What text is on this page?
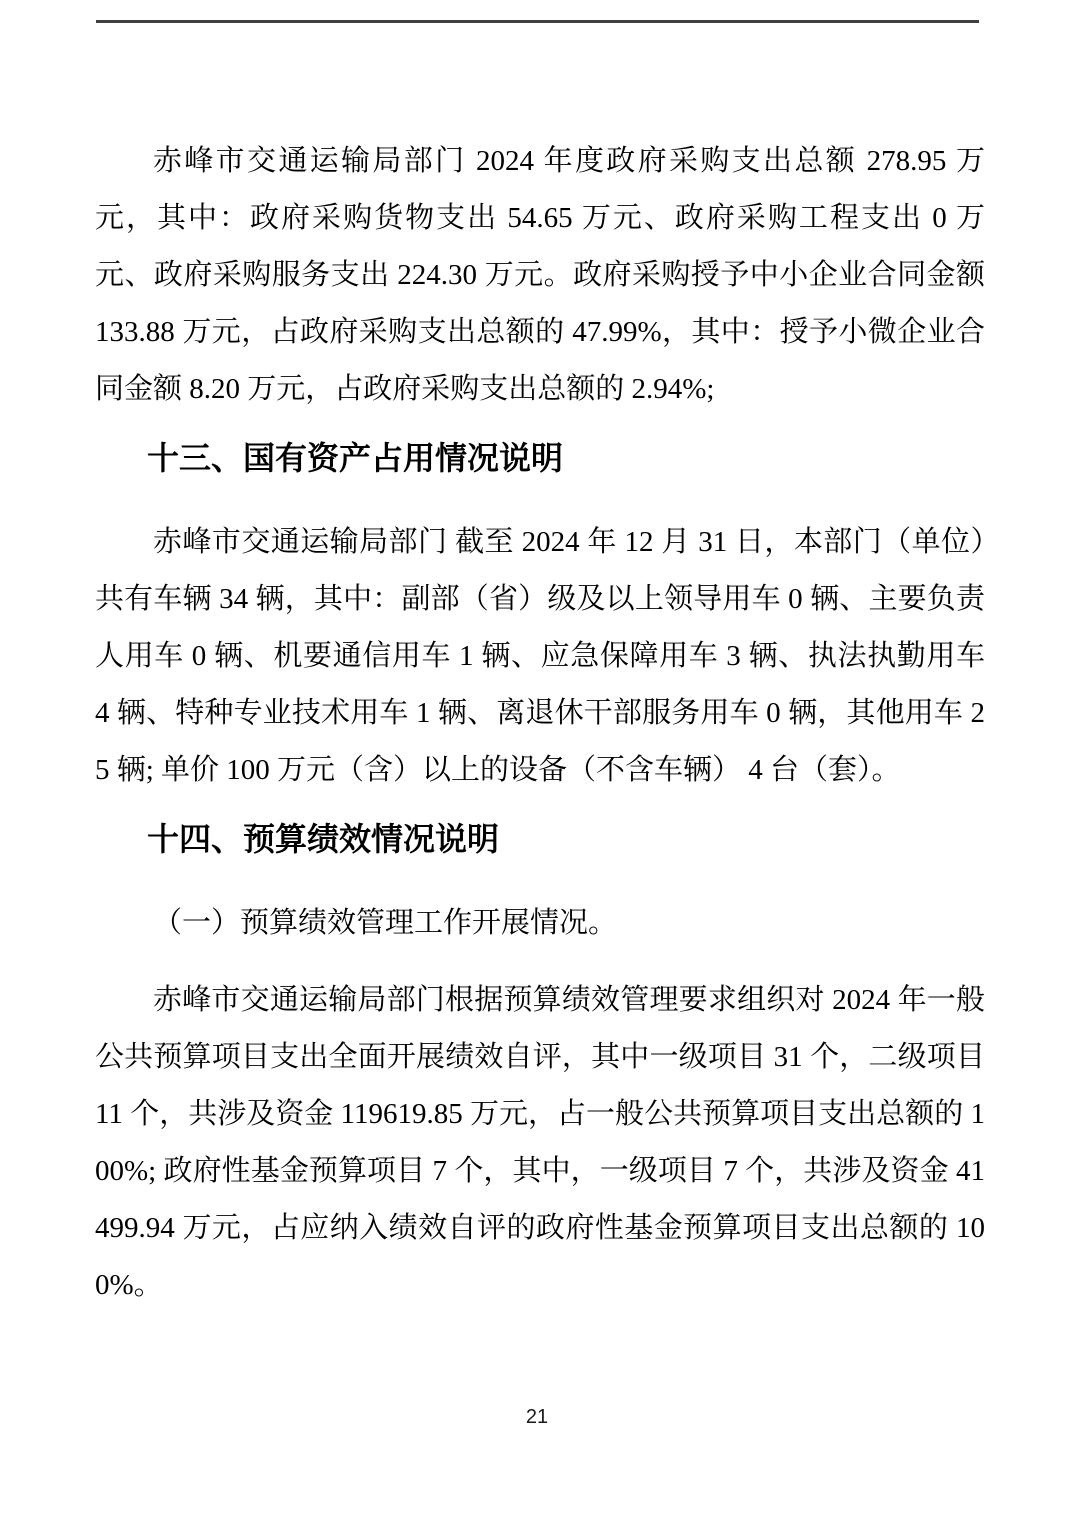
赤峰市交通运输局部门 2024 年度政府采购支出总额 278.95 万元，其中：政府采购货物支出 54.65 万元、政府采购工程支出 0 万元、政府采购服务支出 224.30 万元。政府采购授予中小企业合同金额 133.88 万元，占政府采购支出总额的 47.99%，其中：授予小微企业合同金额 8.20 万元，占政府采购支出总额的 2.94%;

十三、国有资产占用情况说明

赤峰市交通运输局部门 截至 2024 年 12 月 31 日，本部门（单位）共有车辆 34 辆，其中：副部（省）级及以上领导用车 0 辆、主要负责人用车 0 辆、机要通信用车 1 辆、应急保障用车 3 辆、执法执勤用车 4 辆、特种专业技术用车 1 辆、离退休干部服务用车 0 辆，其他用车 25 辆; 单价 100 万元（含）以上的设备（不含车辆） 4 台（套）。

十四、预算绩效情况说明

（一）预算绩效管理工作开展情况。

赤峰市交通运输局部门根据预算绩效管理要求组织对 2024 年一般公共预算项目支出全面开展绩效自评，其中一级项目 31 个，二级项目 11 个，共涉及资金 119619.85 万元，占一般公共预算项目支出总额的 100%; 政府性基金预算项目 7 个，其中，一级项目 7 个，共涉及资金 41499.94 万元，占应纳入绩效自评的政府性基金预算项目支出总额的 100%。

21
